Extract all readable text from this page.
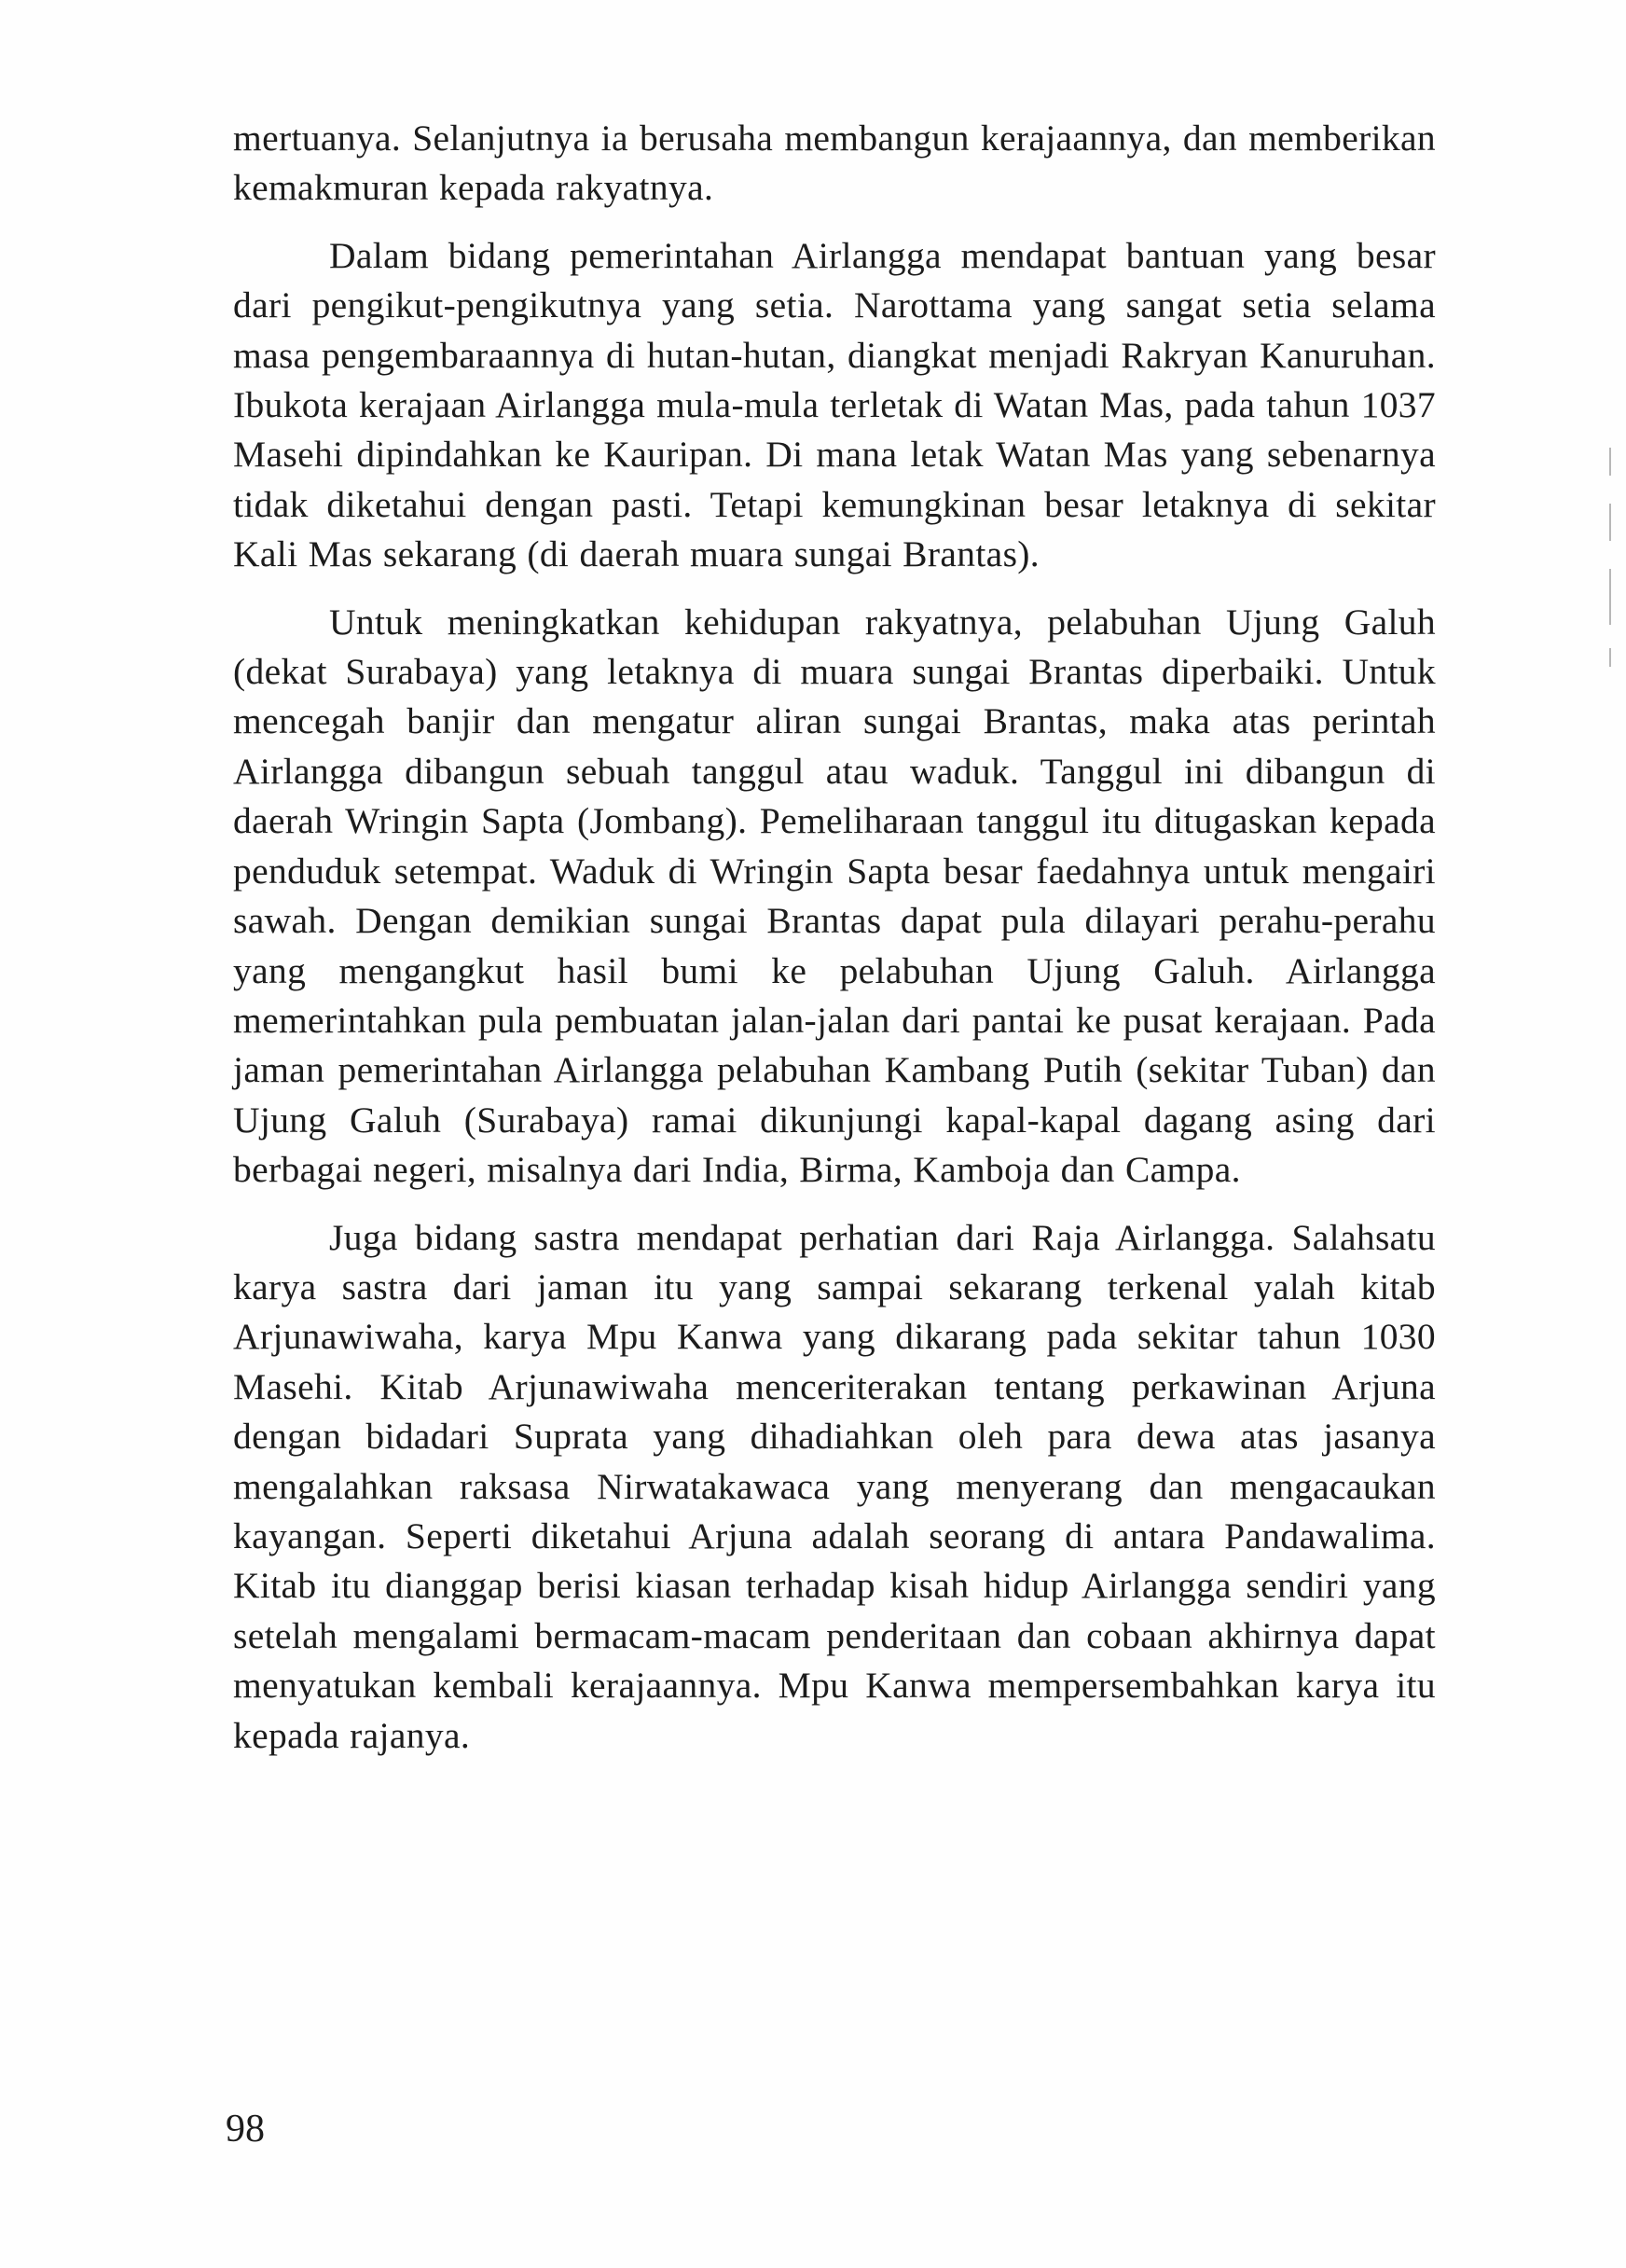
mertuanya. Selanjutnya ia berusaha membangun kerajaannya, dan memberikan kemakmuran kepada rakyatnya.

Dalam bidang pemerintahan Airlangga mendapat bantuan yang besar dari pengikut-pengikutnya yang setia. Narottama yang sangat setia selama masa pengembaraannya di hutan-hutan, diangkat menjadi Rakryan Kanuruhan. Ibukota kerajaan Airlangga mula-mula terletak di Watan Mas, pada tahun 1037 Masehi dipindahkan ke Kauripan. Di mana letak Watan Mas yang sebenarnya tidak diketahui dengan pasti. Tetapi kemungkinan besar letaknya di sekitar Kali Mas sekarang (di daerah muara sungai Brantas).

Untuk meningkatkan kehidupan rakyatnya, pelabuhan Ujung Galuh (dekat Surabaya) yang letaknya di muara sungai Brantas diperbaiki. Untuk mencegah banjir dan mengatur aliran sungai Brantas, maka atas perintah Airlangga dibangun sebuah tanggul atau waduk. Tanggul ini dibangun di daerah Wringin Sapta (Jombang). Pemeliharaan tanggul itu ditugaskan kepada penduduk setempat. Waduk di Wringin Sapta besar faedahnya untuk mengairi sawah. Dengan demikian sungai Brantas dapat pula dilayari perahu-perahu yang mengangkut hasil bumi ke pelabuhan Ujung Galuh. Airlangga memerintahkan pula pembuatan jalan-jalan dari pantai ke pusat kerajaan. Pada jaman pemerintahan Airlangga pelabuhan Kambang Putih (sekitar Tuban) dan Ujung Galuh (Surabaya) ramai dikunjungi kapal-kapal dagang asing dari berbagai negeri, misalnya dari India, Birma, Kamboja dan Campa.

Juga bidang sastra mendapat perhatian dari Raja Airlangga. Salahsatu karya sastra dari jaman itu yang sampai sekarang terkenal yalah kitab Arjunawiwaha, karya Mpu Kanwa yang dikarang pada sekitar tahun 1030 Masehi. Kitab Arjunawiwaha menceriterakan tentang perkawinan Arjuna dengan bidadari Suprata yang dihadiahkan oleh para dewa atas jasanya mengalahkan raksasa Nirwatakawaca yang menyerang dan mengacaukan kayangan. Seperti diketahui Arjuna adalah seorang di antara Pandawalima. Kitab itu dianggap berisi kiasan terhadap kisah hidup Airlangga sendiri yang setelah mengalami bermacam-macam penderitaan dan cobaan akhirnya dapat menyatukan kembali kerajaannya. Mpu Kanwa mempersembahkan karya itu kepada rajanya.

98
